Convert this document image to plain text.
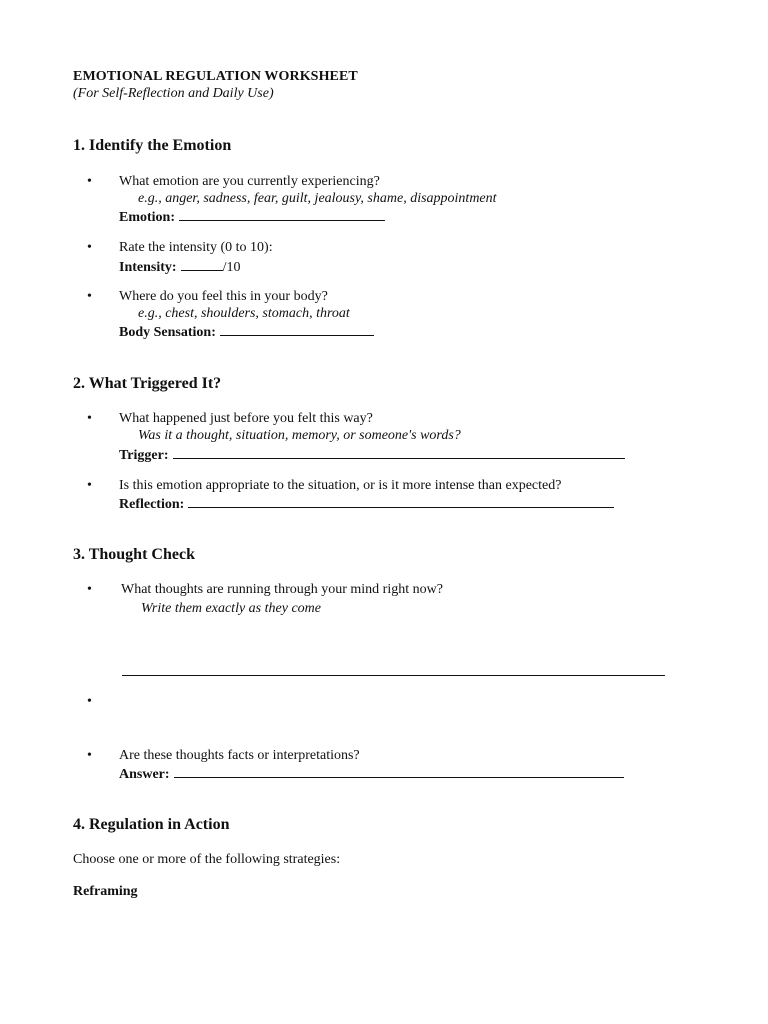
EMOTIONAL REGULATION WORKSHEET
(For Self-Reflection and Daily Use)
1. Identify the Emotion
•	What emotion are you currently experiencing?
e.g., anger, sadness, fear, guilt, jealousy, shame, disappointment
Emotion:
•	Rate the intensity (0 to 10):
Intensity:	/10
•	Where do you feel this in your body?
e.g., chest, shoulders, stomach, throat
Body Sensation:
2. What Triggered It?
•	What happened just before you felt this way?
Was it a thought, situation, memory, or someone's words?
Trigger:
•	Is this emotion appropriate to the situation, or is it more intense than expected?
Reflection:
3. Thought Check
•	What thoughts are running through your mind right now?
Write them exactly as they come
•
•	Are these thoughts facts or interpretations?
Answer:
4. Regulation in Action
Choose one or more of the following strategies:
Reframing
